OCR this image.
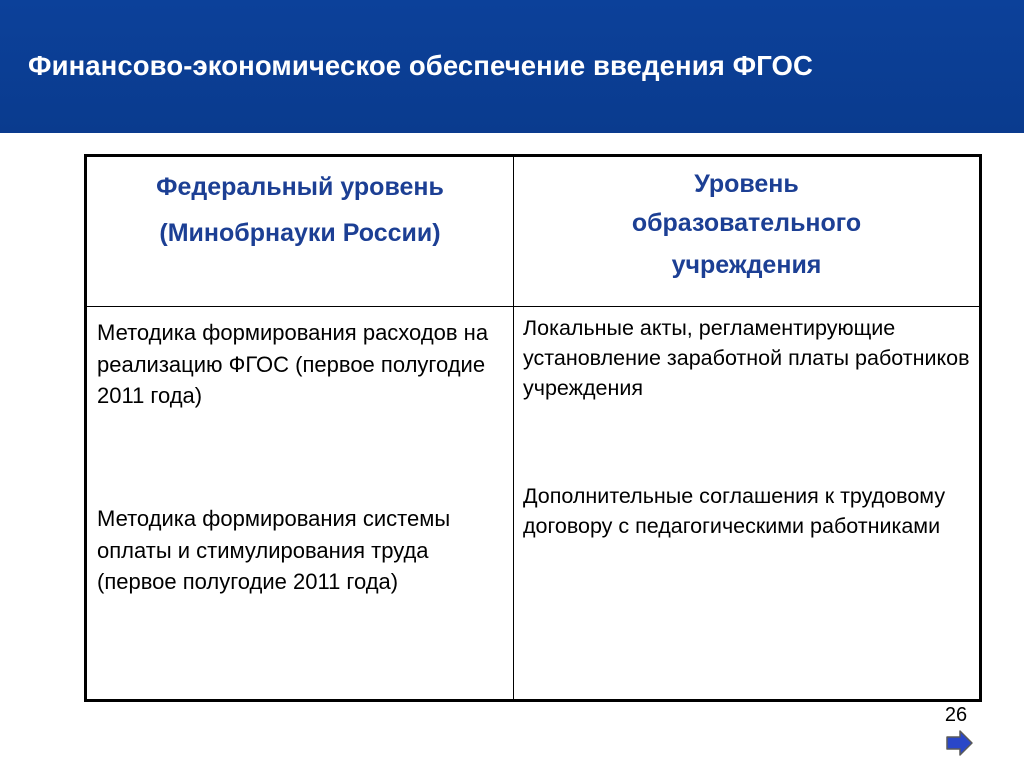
Финансово-экономическое обеспечение введения ФГОС
Федеральный уровень
(Минобрнауки России)
Уровень
образовательного
учреждения
Методика формирования расходов на реализацию ФГОС (первое полугодие 2011 года)
Методика формирования системы оплаты и стимулирования труда (первое полугодие 2011 года)
Локальные акты, регламентирующие установление заработной платы работников учреждения
Дополнительные соглашения к трудовому договору с педагогическими работниками
26
